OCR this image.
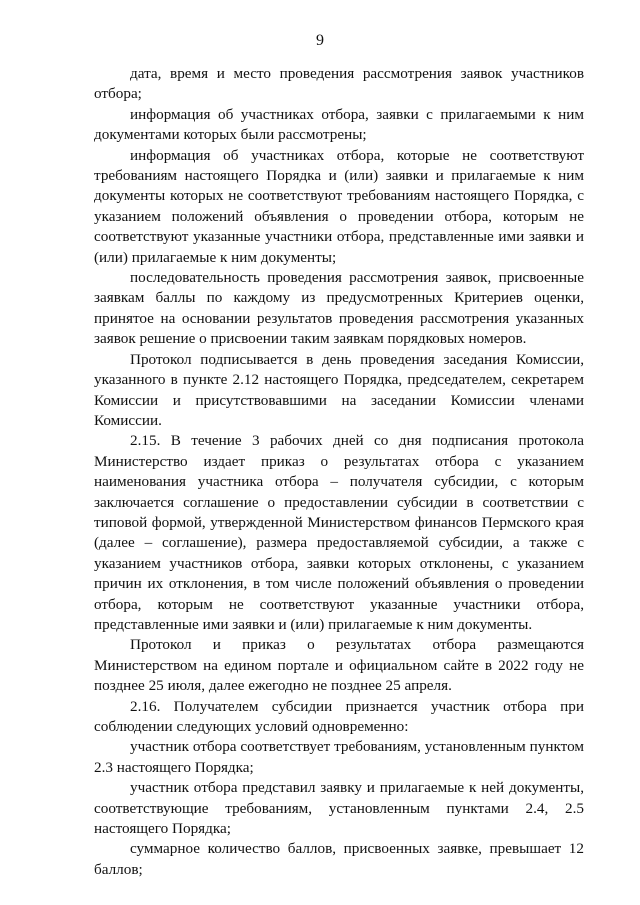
9

дата, время и место проведения рассмотрения заявок участников отбора;

информация об участниках отбора, заявки с прилагаемыми к ним документами которых были рассмотрены;

информация об участниках отбора, которые не соответствуют требованиям настоящего Порядка и (или) заявки и прилагаемые к ним документы которых не соответствуют требованиям настоящего Порядка, с указанием положений объявления о проведении отбора, которым не соответствуют указанные участники отбора, представленные ими заявки и (или) прилагаемые к ним документы;

последовательность проведения рассмотрения заявок, присвоенные заявкам баллы по каждому из предусмотренных Критериев оценки, принятое на основании результатов проведения рассмотрения указанных заявок решение о присвоении таким заявкам порядковых номеров.

Протокол подписывается в день проведения заседания Комиссии, указанного в пункте 2.12 настоящего Порядка, председателем, секретарем Комиссии и присутствовавшими на заседании Комиссии членами Комиссии.

2.15. В течение 3 рабочих дней со дня подписания протокола Министерство издает приказ о результатах отбора с указанием наименования участника отбора – получателя субсидии, с которым заключается соглашение о предоставлении субсидии в соответствии с типовой формой, утвержденной Министерством финансов Пермского края (далее – соглашение), размера предоставляемой субсидии, а также с указанием участников отбора, заявки которых отклонены, с указанием причин их отклонения, в том числе положений объявления о проведении отбора, которым не соответствуют указанные участники отбора, представленные ими заявки и (или) прилагаемые к ним документы.

Протокол и приказ о результатах отбора размещаются Министерством на едином портале и официальном сайте в 2022 году не позднее 25 июля, далее ежегодно не позднее 25 апреля.

2.16. Получателем субсидии признается участник отбора при соблюдении следующих условий одновременно:

участник отбора соответствует требованиям, установленным пунктом 2.3 настоящего Порядка;

участник отбора представил заявку и прилагаемые к ней документы, соответствующие требованиям, установленным пунктами 2.4, 2.5 настоящего Порядка;

суммарное количество баллов, присвоенных заявке, превышает 12 баллов;
